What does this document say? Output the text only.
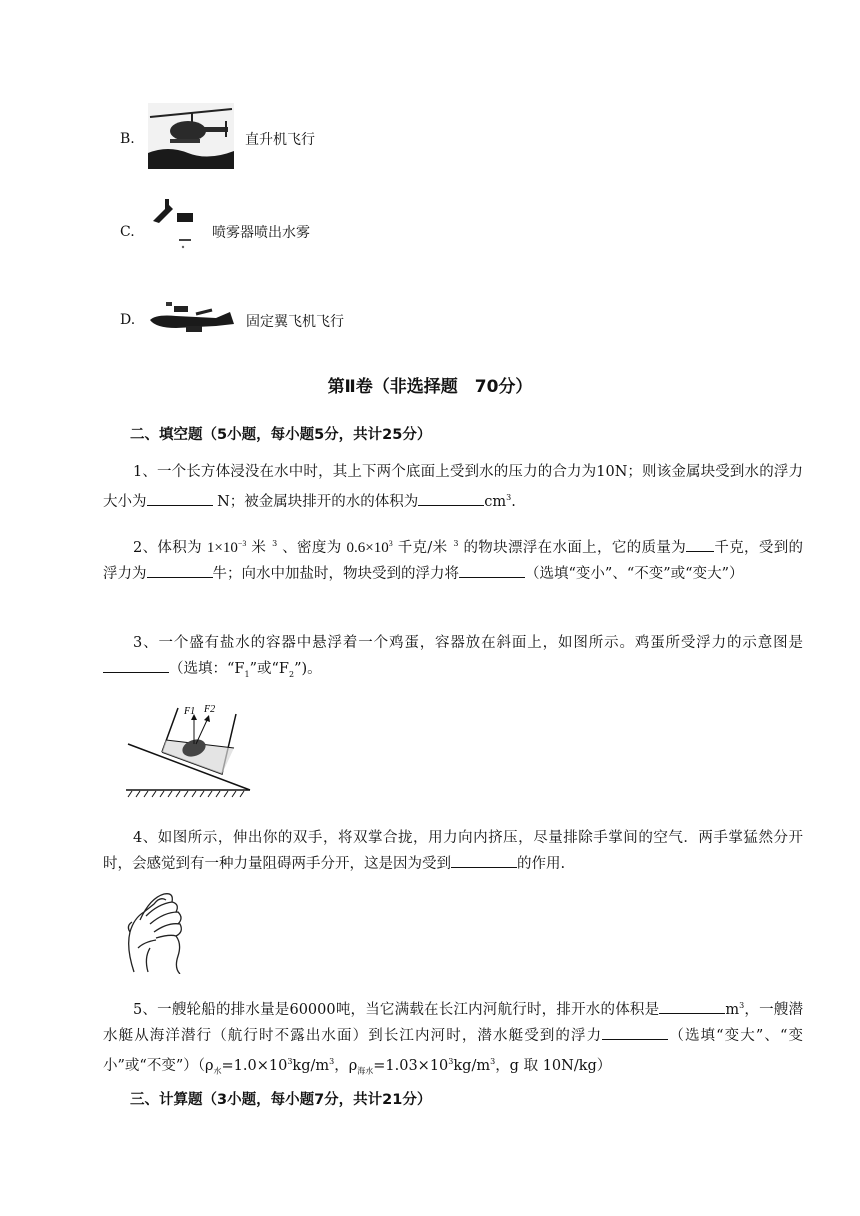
B.	直升机飞行
C.	喷雾器喷出水雾
D.	固定翼飞机飞行
第Ⅱ卷（非选择题　70分）
二、填空题（5小题，每小题5分，共计25分）
1、一个长方体浸没在水中时，其上下两个底面上受到水的压力的合力为10N；则该金属块受到水的浮力大小为	N；被金属块排开的水的体积为	$cm^3$.
2、体积为 $1\times 10^{-3}$ 米 $^3$ 、密度为 $0.6\times 10^3$ 千克/米 $^3$ 的物块漂浮在水面上，它的质量为 千克，受到的浮力为	牛；向水中加盐时，物块受到的浮力将	（选填“变小”、“不变”或“变大”）
3、一个盛有盐水的容器中悬浮着一个鸡蛋，容器放在斜面上，如图所示。鸡蛋所受浮力的示意图是（选填：“$F_1$”或“$F_2$”)。
F1 F2
4、如图所示，伸出你的双手，将双掌合拢，用力向内挤压，尽量排除手掌间的空气．两手掌猛然分开时，会感觉到有一种力量阻碍两手分开，这是因为受到	的作用.
5、一艘轮船的排水量是60000吨，当它满载在长江内河航行时，排开水的体积是	$m^3$，一艘潜水艇从海洋潜行（航行时不露出水面）到长江内河时，潜水艇受到的浮力	（选填“变大”、“变小”或“不变$”)(\rho_水=1.0\times 10^3kg/m^3$，$\rho_{海水}=1.03\times 10^3kg/m^3$，g 取 10N/kg）
三、计算题（3小题，每小题7分，共计21分）
